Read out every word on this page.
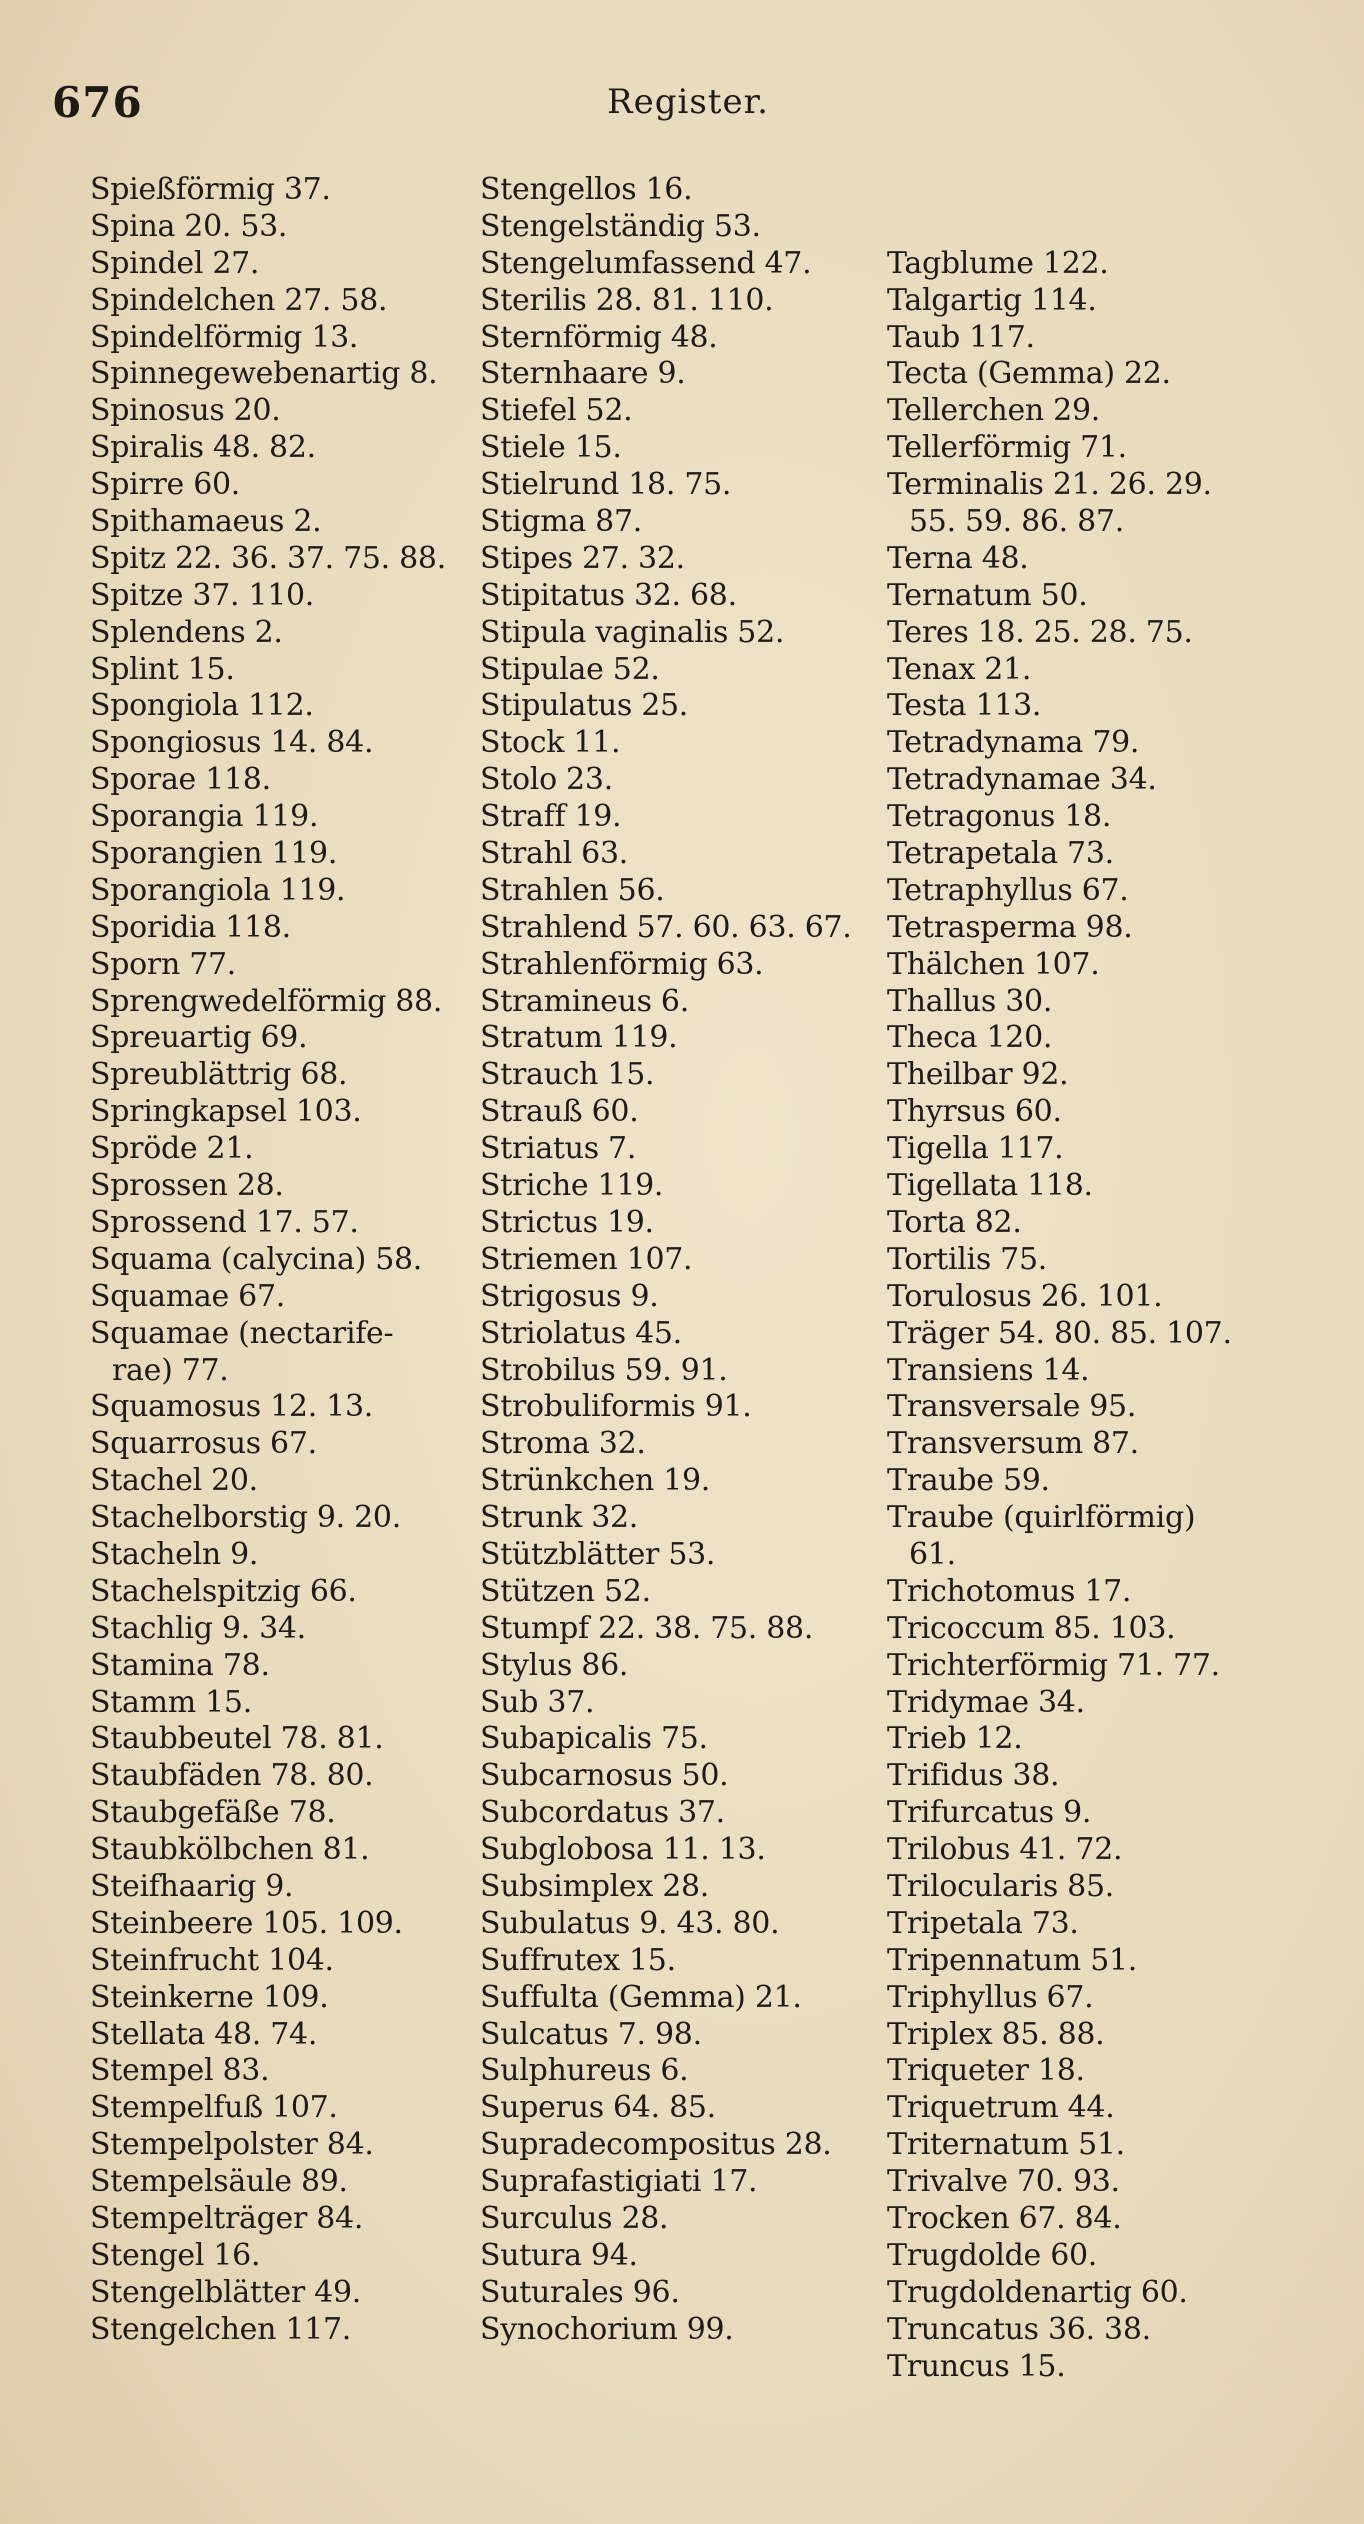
676	Register.
Spießförmig 37.
Spina 20. 53.
Spindel 27.
Spindelchen 27. 58.
Spindelförmig 13.
Spinnegewebenartig 8.
Spinosus 20.
Spiralis 48. 82.
Spirre 60.
Spithamaeus 2.
Spitz 22. 36. 37. 75. 88.
Spitze 37. 110.
Splendens 2.
Splint 15.
Spongiola 112.
Spongiosus 14. 84.
Sporae 118.
Sporangia 119.
Sporangien 119.
Sporangiola 119.
Sporidia 118.
Sporn 77.
Sprengwedelförmig 88.
Spreuartig 69.
Spreublättrig 68.
Springkapsel 103.
Spröde 21.
Sprossen 28.
Sprossend 17. 57.
Squama (calycina) 58.
Squamae 67.
Squamae (nectarife-
rae) 77.
Squamosus 12. 13.
Squarrosus 67.
Stachel 20.
Stachelborstig 9. 20.
Stacheln 9.
Stachelspitzig 66.
Stachlig 9. 34.
Stamina 78.
Stamm 15.
Staubbeutel 78. 81.
Staubfäden 78. 80.
Staubgefäße 78.
Staubkölbchen 81.
Steifhaarig 9.
Steinbeere 105. 109.
Steinfrucht 104.
Steinkerne 109.
Stellata 48. 74.
Stempel 83.
Stempelfuß 107.
Stempelpolster 84.
Stempelsäule 89.
Stempelträger 84.
Stengel 16.
Stengelblätter 49.
Stengelchen 117.
Stengellos 16.
Stengelständig 53.
Stengelumfassend 47.
Sterilis 28. 81. 110.
Sternförmig 48.
Sternhaare 9.
Stiefel 52.
Stiele 15.
Stielrund 18. 75.
Stigma 87.
Stipes 27. 32.
Stipitatus 32. 68.
Stipula vaginalis 52.
Stipulae 52.
Stipulatus 25.
Stock 11.
Stolo 23.
Straff 19.
Strahl 63.
Strahlen 56.
Strahlend 57. 60. 63. 67.
Strahlenförmig 63.
Stramineus 6.
Stratum 119.
Strauch 15.
Strauß 60.
Striatus 7.
Striche 119.
Strictus 19.
Striemen 107.
Strigosus 9.
Striolatus 45.
Strobilus 59. 91.
Strobuliformis 91.
Stroma 32.
Strünkchen 19.
Strunk 32.
Stützblätter 53.
Stützen 52.
Stumpf 22. 38. 75. 88.
Stylus 86.
Sub 37.
Subapicalis 75.
Subcarnosus 50.
Subcordatus 37.
Subglobosa 11. 13.
Subsimplex 28.
Subulatus 9. 43. 80.
Suffrutex 15.
Suffulta (Gemma) 21.
Sulcatus 7. 98.
Sulphureus 6.
Superus 64. 85.
Supradecompositus 28.
Suprafastigiati 17.
Surculus 28.
Sutura 94.
Suturales 96.
Synochorium 99.
Tagblume 122.
Talgartig 114.
Taub 117.
Tecta (Gemma) 22.
Tellerchen 29.
Tellerförmig 71.
Terminalis 21. 26. 29.
55. 59. 86. 87.
Terna 48.
Ternatum 50.
Teres 18. 25. 28. 75.
Tenax 21.
Testa 113.
Tetradynama 79.
Tetradynamae 34.
Tetragonus 18.
Tetrapetala 73.
Tetraphyllus 67.
Tetrasperma 98.
Thälchen 107.
Thallus 30.
Theca 120.
Theilbar 92.
Thyrsus 60.
Tigella 117.
Tigellata 118.
Torta 82.
Tortilis 75.
Torulosus 26. 101.
Träger 54. 80. 85. 107.
Transiens 14.
Transversale 95.
Transversum 87.
Traube 59.
Traube (quirlförmig)
61.
Trichotomus 17.
Tricoccum 85. 103.
Trichterförmig 71. 77.
Tridymae 34.
Trieb 12.
Trifidus 38.
Trifurcatus 9.
Trilobus 41. 72.
Trilocularis 85.
Tripetala 73.
Tripennatum 51.
Triphyllus 67.
Triplex 85. 88.
Triqueter 18.
Triquetrum 44.
Triternatum 51.
Trivalve 70. 93.
Trocken 67. 84.
Trugdolde 60.
Trugdoldenartig 60.
Truncatus 36. 38.
Truncus 15.
